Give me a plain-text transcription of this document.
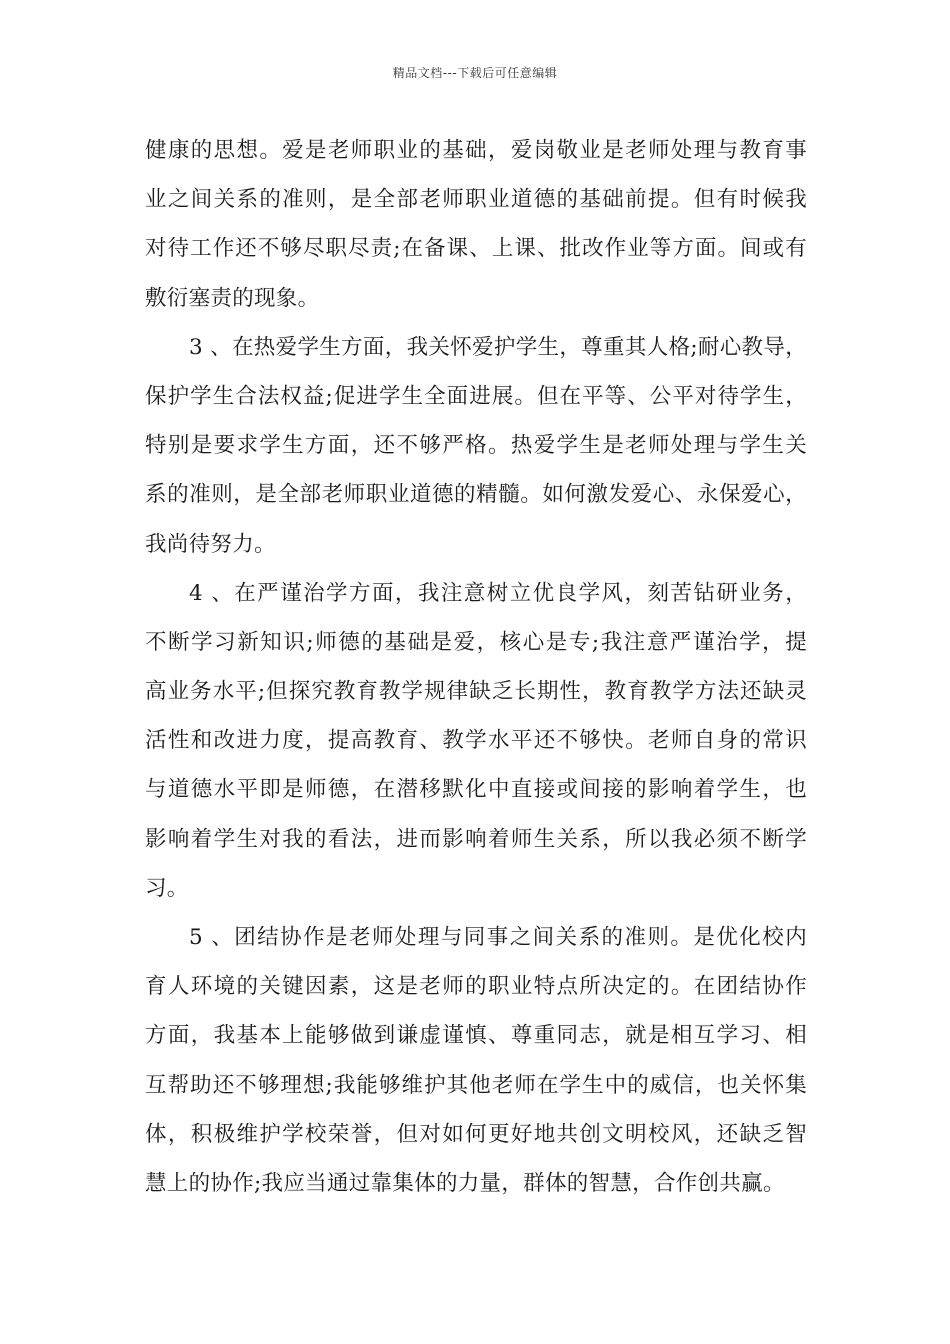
精品文档---下载后可任意编辑
健康的思想。爱是老师职业的基础，爱岗敬业是老师处理与教育事
业之间关系的准则，是全部老师职业道德的基础前提。但有时候我
对待工作还不够尽职尽责;在备课、上课、批改作业等方面。间或有
敷衍塞责的现象。
3 、在热爱学生方面，我关怀爱护学生，尊重其人格;耐心教导，
保护学生合法权益;促进学生全面进展。但在平等、公平对待学生，
特别是要求学生方面，还不够严格。热爱学生是老师处理与学生关
系的准则，是全部老师职业道德的精髓。如何激发爱心、永保爱心，
我尚待努力。
4 、在严谨治学方面，我注意树立优良学风，刻苦钻研业务，
不断学习新知识;师德的基础是爱，核心是专;我注意严谨治学，提
高业务水平;但探究教育教学规律缺乏长期性，教育教学方法还缺灵
活性和改进力度，提高教育、教学水平还不够快。老师自身的常识
与道德水平即是师德，在潜移默化中直接或间接的影响着学生，也
影响着学生对我的看法，进而影响着师生关系，所以我必须不断学
习。
5 、团结协作是老师处理与同事之间关系的准则。是优化校内
育人环境的关键因素，这是老师的职业特点所决定的。在团结协作
方面，我基本上能够做到谦虚谨慎、尊重同志，就是相互学习、相
互帮助还不够理想;我能够维护其他老师在学生中的威信，也关怀集
体，积极维护学校荣誉，但对如何更好地共创文明校风，还缺乏智
慧上的协作;我应当通过靠集体的力量，群体的智慧，合作创共赢。
